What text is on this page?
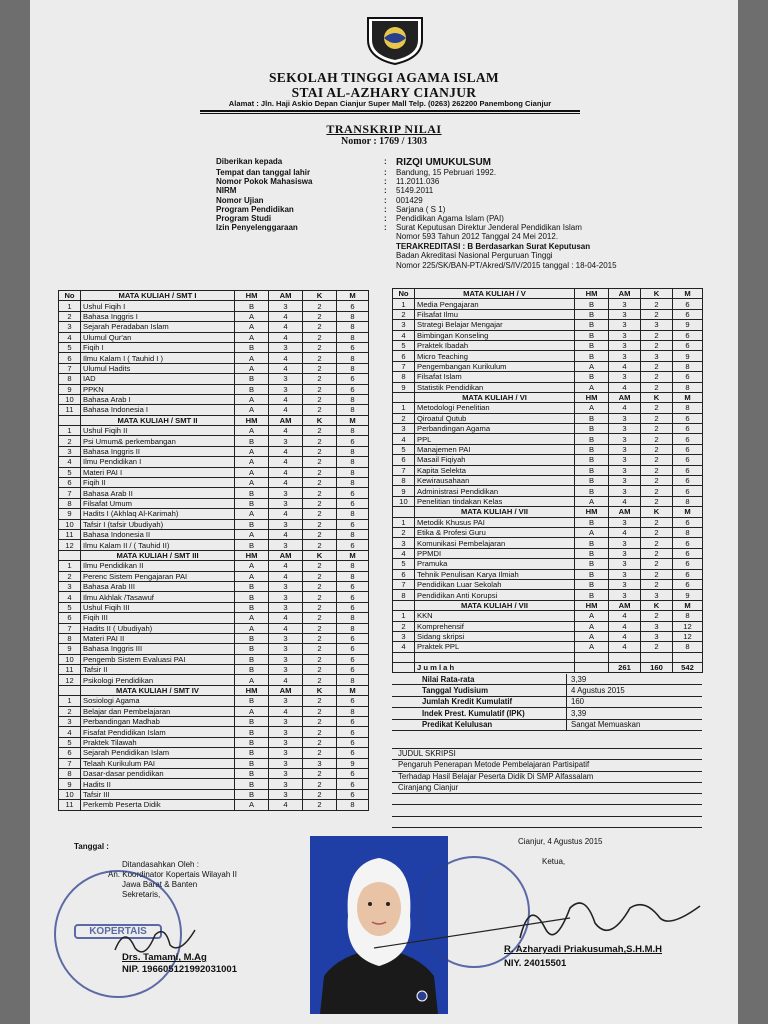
SEKOLAH TINGGI AGAMA ISLAM
STAI AL-AZHARY CIANJUR
Alamat : Jln. Haji Askio Depan Cianjur Super Mall Telp. (0263) 262200 Panembong Cianjur
TRANSKRIP NILAI
Nomor : 1769 / 1303
Diberikan kepada	: RIZQI UMUKULSUM
Tempat dan tanggal lahir	:	Bandung, 15 Pebruari 1992.
Nomor Pokok Mahasiswa	:	11.2011.036
NIRM	:	5149.2011
Nomor Ujian	:	001429
Program Pendidikan	:	Sarjana ( S 1)
Program Studi	:	Pendidikan Agama Islam (PAI)
Izin Penyelenggaraan	:	Surat Keputusan Direktur Jenderal Pendidikan Islam
Nomor 593 Tahun 2012 Tanggal 24 Mei 2012.
TERAKREDITASI : B Berdasarkan Surat Keputusan
Badan Akreditasi Nasional Perguruan Tinggi
Nomor 225/SK/BAN-PT/Akred/S/IV/2015 tanggal : 18-04-2015
No	MATA KULIAH / SMT I	HM	AM	K	M
1	Ushul Fiqih I	B	3	2	6
2	Bahasa Inggris I	A	4	2	8
3	Sejarah Peradaban Islam	A	4	2	8
4	Ulumul Qur'an	A	4	2	8
5	Fiqih I	B	3	2	6
6	Ilmu Kalam I ( Tauhid I )	A	4	2	8
7	Ulumul Hadits	A	4	2	8
8	IAD	B	3	2	6
9	PPKN	B	3	2	6
10	Bahasa Arab I	A	4	2	8
11	Bahasa Indonesia I	A	4	2	8
	MATA KULIAH / SMT II	HM	AM	K	M
1	Ushul Fiqih II	A	4	2	8
2	Psi Umum& perkembangan	B	3	2	6
3	Bahasa Inggris II	A	4	2	8
4	Ilmu Pendidikan I	A	4	2	8
5	Materi PAI I	A	4	2	8
6	Fiqih II	A	4	2	8
7	Bahasa Arab II	B	3	2	6
8	Filsafat Umum	B	3	2	6
9	Hadits I (Akhlaq Al-Karimah)	A	4	2	8
10	Tafsir I (tafsir Ubudiyah)	B	3	2	6
11	Bahasa Indonesia II	A	4	2	8
12	Ilmu Kalam II / ( Tauhid II)	B	3	2	6
	MATA KULIAH / SMT III	HM	AM	K	M
1	Ilmu Pendidikan II	A	4	2	8
2	Perenc Sistem Pengajaran PAI	A	4	2	8
3	Bahasa Arab III	B	3	2	6
4	Ilmu Akhlak /Tasawuf	B	3	2	6
5	Ushul Fiqih III	B	3	2	6
6	Fiqih III	A	4	2	8
7	Hadits II ( Ubudiyah)	A	4	2	8
8	Materi PAI II	B	3	2	6
9	Bahasa Inggris III	B	3	2	6
10	Pengemb Sistem Evaluasi PAI	B	3	2	6
11	Tafsir II	B	3	2	6
12	Psikologi Pendidikan	A	4	2	8
	MATA KULIAH / SMT IV	HM	AM	K	M
1	Sosiologi Agama	B	3	2	6
2	Belajar dan Pembelajaran	A	4	2	8
3	Perbandingan Madhab	B	3	2	6
4	Fisafat Pendidikan Islam	B	3	2	6
5	Praktek Tilawah	B	3	2	6
6	Sejarah Pendidikan Islam	B	3	2	6
7	Telaah Kurikulum PAI	B	3	3	9
8	Dasar-dasar pendidikan	B	3	2	6
9	Hadits II	B	3	2	6
10	Tafsir III	B	3	2	6
11	Perkemb Peserta Didik	A	4	2	8
No	MATA KULIAH / V	HM	AM	K	M
1	Media Pengajaran	B	3	2	6
2	Filsafat Ilmu	B	3	2	6
3	Strategi Belajar Mengajar	B	3	3	9
4	Bimbingan Konseling	B	3	2	6
5	Praktek Ibadah	B	3	2	6
6	Micro Teaching	B	3	3	9
7	Pengembangan Kurikulum	A	4	2	8
8	Filsafat Islam	B	3	2	6
9	Statistik Pendidikan	A	4	2	8
	MATA KULIAH / VI	HM	AM	K	M
1	Metodologi Penelitian	A	4	2	8
2	Qiroatul Qutub	B	3	2	6
3	Perbandingan Agama	B	3	2	6
4	PPL	B	3	2	6
5	Manajemen PAI	B	3	2	6
6	Masail Fiqiyah	B	3	2	6
7	Kapita Selekta	B	3	2	6
8	Kewirausahaan	B	3	2	6
9	Administrasi Pendidikan	B	3	2	6
10	Penelitian tindakan Kelas	A	4	2	8
	MATA KULIAH / VII	HM	AM	K	M
1	Metodik Khusus PAI	B	3	2	6
2	Etika & Profesi Guru	A	4	2	8
3	Komunikasi Pembelajaran	B	3	2	6
4	PPMDI	B	3	2	6
5	Pramuka	B	3	2	6
6	Tehnik Penulisan Karya Ilmiah	B	3	2	6
7	Pendidikan Luar Sekolah	B	3	2	6
8	Pendidikan Anti Korupsi	B	3	3	9
	MATA KULIAH / VII	HM	AM	K	M
1	KKN	A	4	2	8
2	Komprehensif	A	4	3	12
3	Sidang skripsi	A	4	3	12
4	Praktek PPL	A	4	2	8

	J u m l a h		261	160	542
Nilai Rata-rata	3,39
Tanggal Yudisium	4 Agustus 2015
Jumlah Kredit Kumulatif	160
Indek Prest. Kumulatif (IPK)	3,39
Predikat Kelulusan	Sangat Memuaskan
JUDUL SKRIPSI
Pengaruh Penerapan Metode Pembelajaran Partisipatif
Terhadap Hasil Belajar Peserta Didik Di SMP Alfassalam
Ciranjang Cianjur
Tanggal :
Ditandasahkan Oleh :
An. Koordinator Kopertais Wilayah II
Jawa Barat & Banten
Sekretaris,
KOPERTAIS
Drs. Tamami, M.Ag
NIP. 196605121992031001
Cianjur, 4 Agustus 2015
Ketua,
R. Azharyadi Priakusumah,S.H.M.H
NIY. 24015501
